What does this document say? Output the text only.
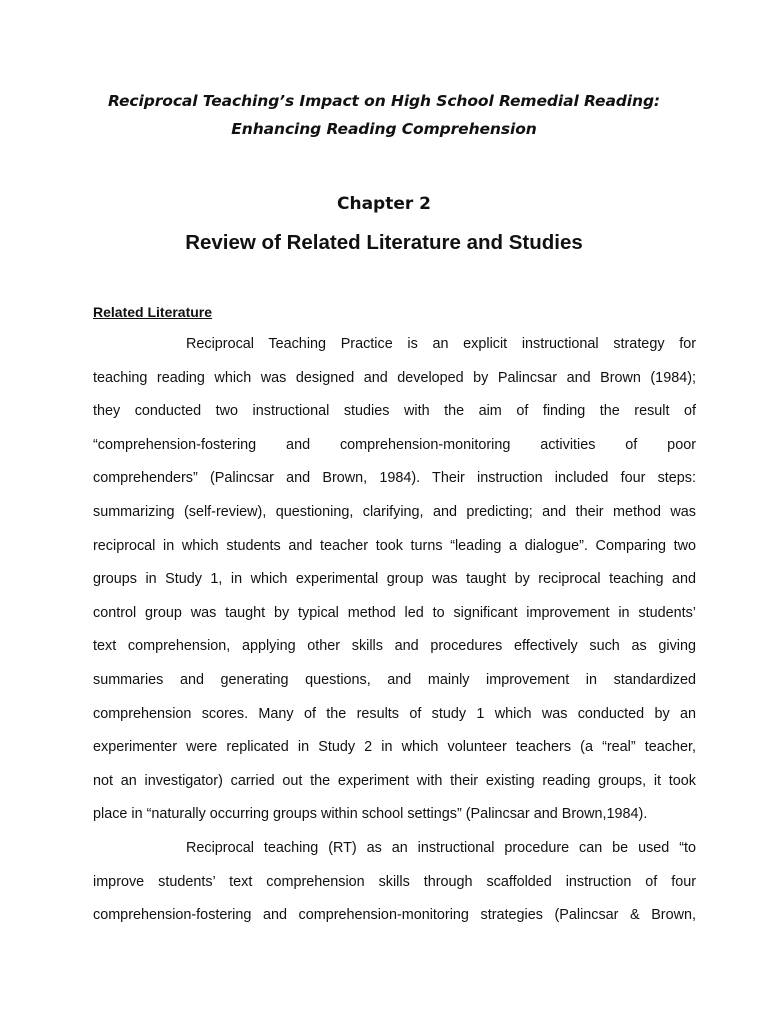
Reciprocal Teaching’s Impact on High School Remedial Reading:
Enhancing Reading Comprehension
Chapter 2
Review of Related Literature and Studies
Related Literature
Reciprocal Teaching Practice is an explicit instructional strategy for
teaching reading which was designed and developed by Palincsar and Brown (1984);
they conducted two instructional studies with the aim of finding the result of
“comprehension-fostering and comprehension-monitoring activities of poor
comprehenders” (Palincsar and Brown, 1984). Their instruction included four steps:
summarizing (self-review), questioning, clarifying, and predicting; and their method was
reciprocal in which students and teacher took turns “leading a dialogue”. Comparing two
groups in Study 1, in which experimental group was taught by reciprocal teaching and
control group was taught by typical method led to significant improvement in students’
text comprehension, applying other skills and procedures effectively such as giving
summaries and generating questions, and mainly improvement in standardized
comprehension scores. Many of the results of study 1 which was conducted by an
experimenter were replicated in Study 2 in which volunteer teachers (a “real” teacher,
not an investigator) carried out the experiment with their existing reading groups, it took
place in “naturally occurring groups within school settings” (Palincsar and Brown,1984).
Reciprocal teaching (RT) as an instructional procedure can be used “to
improve students’ text comprehension skills through scaffolded instruction of four
comprehension-fostering and comprehension-monitoring strategies (Palincsar & Brown,
